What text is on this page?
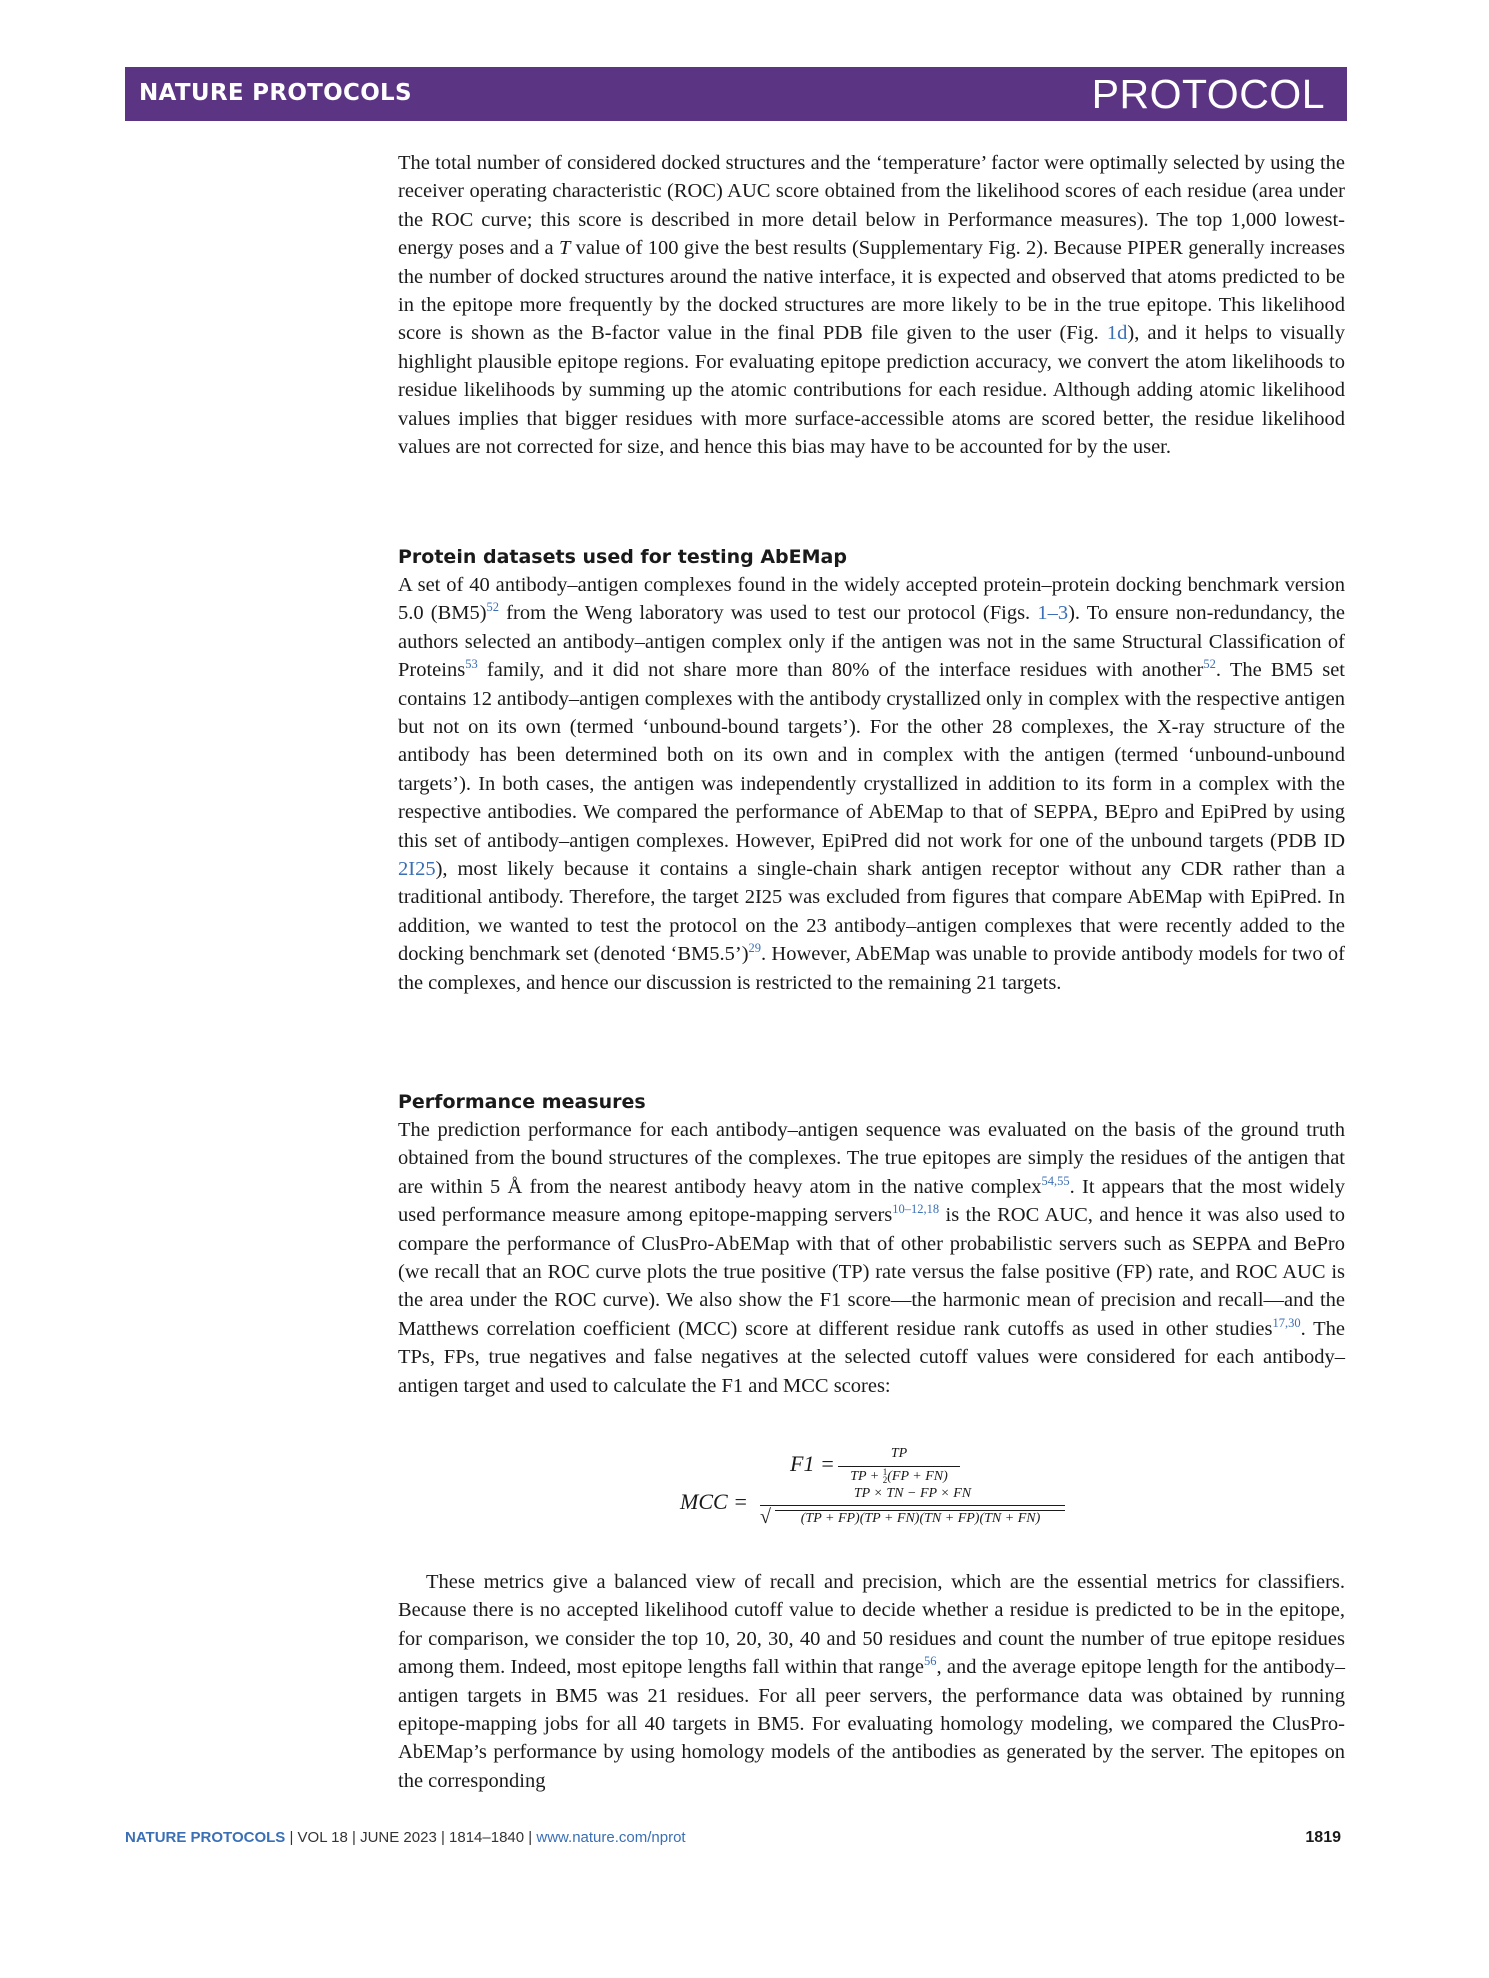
NATURE PROTOCOLS	PROTOCOL

The total number of considered docked structures and the ‘temperature’ factor were optimally selected by using the receiver operating characteristic (ROC) AUC score obtained from the likelihood scores of each residue (area under the ROC curve; this score is described in more detail below in Performance measures). The top 1,000 lowest-energy poses and a T value of 100 give the best results (Supplementary Fig. 2). Because PIPER generally increases the number of docked structures around the native interface, it is expected and observed that atoms predicted to be in the epitope more frequently by the docked structures are more likely to be in the true epitope. This likelihood score is shown as the B-factor value in the final PDB file given to the user (Fig. 1d), and it helps to visually highlight plausible epitope regions. For evaluating epitope prediction accuracy, we convert the atom likelihoods to residue likelihoods by summing up the atomic contributions for each residue. Although adding atomic likelihood values implies that bigger residues with more surface-accessible atoms are scored better, the residue likelihood values are not corrected for size, and hence this bias may have to be accounted for by the user.

Protein datasets used for testing AbEMap

A set of 40 antibody–antigen complexes found in the widely accepted protein–protein docking benchmark version 5.0 $(BM5)^{52}$ from the Weng laboratory was used to test our protocol (Figs. 1–3). To ensure non-redundancy, the authors selected an antibody–antigen complex only if the antigen was not in the same Structural Classification of Proteins$^{53}$ family, and it did not share more than 80% of the interface residues with another$^{52}$. The BM5 set contains 12 antibody–antigen complexes with the antibody crystallized only in complex with the respective antigen but not on its own (termed ‘unbound-bound targets’). For the other 28 complexes, the X-ray structure of the antibody has been determined both on its own and in complex with the antigen (termed ‘unbound-unbound targets’). In both cases, the antigen was independently crystallized in addition to its form in a complex with the respective antibodies. We compared the performance of AbEMap to that of SEPPA, BEpro and EpiPred by using this set of antibody–antigen complexes. However, EpiPred did not work for one of the unbound targets (PDB ID 2I25), most likely because it contains a single-chain shark antigen receptor without any CDR rather than a traditional antibody. Therefore, the target 2I25 was excluded from figures that compare AbEMap with EpiPred. In addition, we wanted to test the protocol on the 23 antibody–antigen complexes that were recently added to the docking benchmark set (denoted ‘BM5.5’)$^{29}$. However, AbEMap was unable to provide antibody models for two of the complexes, and hence our discussion is restricted to the remaining 21 targets.

Performance measures

The prediction performance for each antibody–antigen sequence was evaluated on the basis of the ground truth obtained from the bound structures of the complexes. The true epitopes are simply the residues of the antigen that are within 5 Å from the nearest antibody heavy atom in the native complex$^{54,55}$. It appears that the most widely used performance measure among epitope-mapping servers$^{10-12,18}$ is the ROC AUC, and hence it was also used to compare the performance of ClusPro-AbEMap with that of other probabilistic servers such as SEPPA and BePro (we recall that an ROC curve plots the true positive (TP) rate versus the false positive (FP) rate, and ROC AUC is the area under the ROC curve). We also show the F1 score—the harmonic mean of precision and recall—and the Matthews correlation coefficient (MCC) score at different residue rank cutoffs as used in other studies$^{17,30}$. The TPs, FPs, true negatives and false negatives at the selected cutoff values were considered for each antibody–antigen target and used to calculate the F1 and MCC scores:

F1 =	TP
TP + 1
2(FP + FN)
MCC =	TP × TN − FP × FN
√	(TP + FP)(TP + FN)(TN + FP)(TN + FN)

These metrics give a balanced view of recall and precision, which are the essential metrics for classifiers. Because there is no accepted likelihood cutoff value to decide whether a residue is predicted to be in the epitope, for comparison, we consider the top 10, 20, 30, 40 and 50 residues and count the number of true epitope residues among them. Indeed, most epitope lengths fall within that range$^{56}$, and the average epitope length for the antibody–antigen targets in BM5 was 21 residues. For all peer servers, the performance data was obtained by running epitope-mapping jobs for all 40 targets in BM5. For evaluating homology modeling, we compared the ClusPro-AbEMap’s performance by using homology models of the antibodies as generated by the server. The epitopes on the corresponding

NATURE PROTOCOLS | VOL 18 | JUNE 2023 | 1814–1840 | www.nature.com/nprot	1819
